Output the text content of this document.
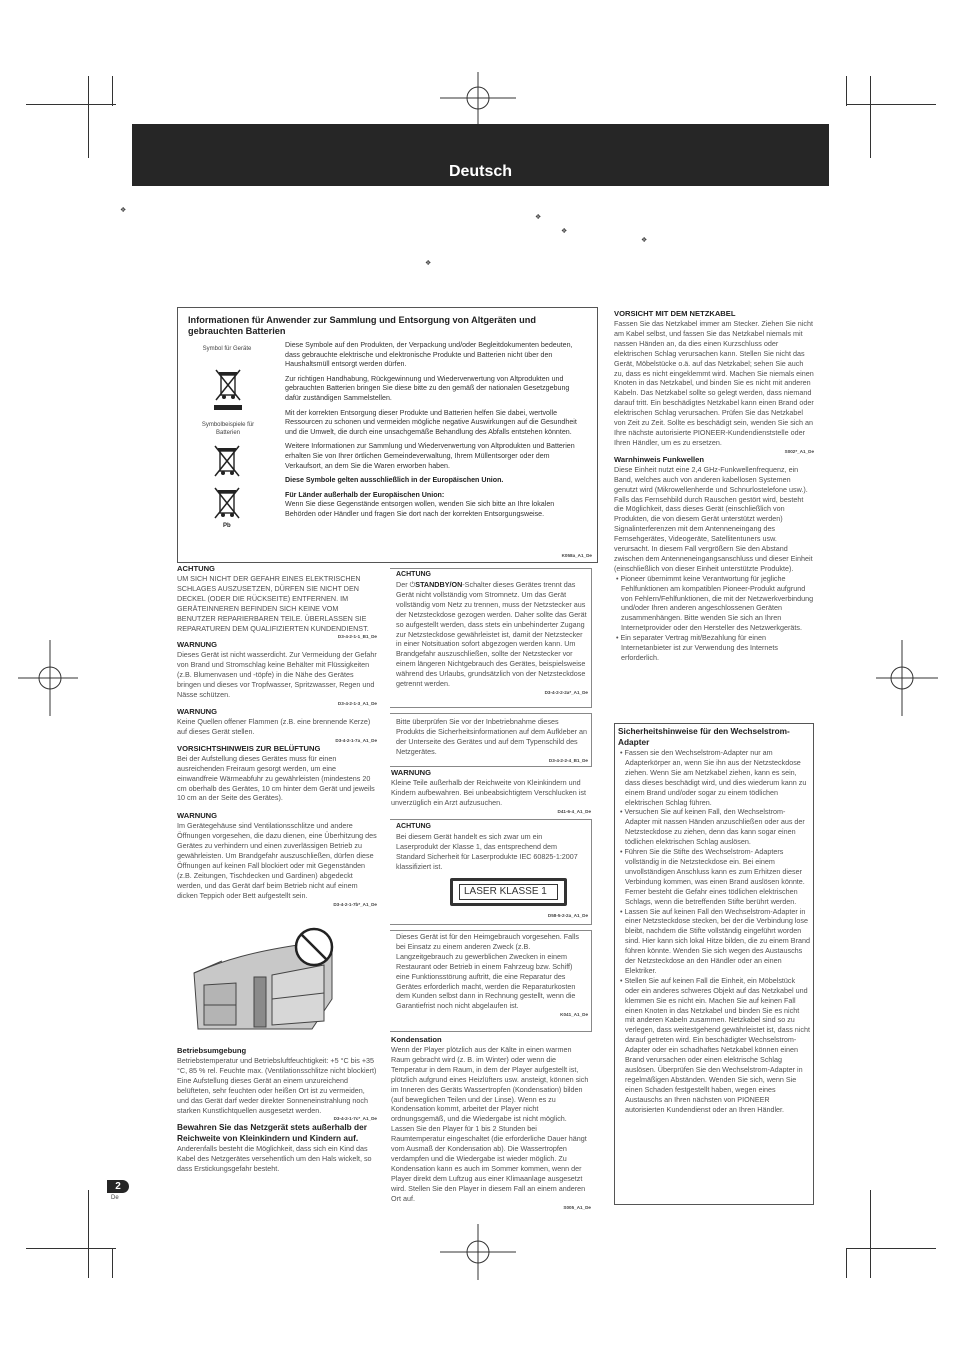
Deutsch
❖
❖
❖
❖
❖
Informationen für Anwender zur Sammlung und Entsorgung von Altgeräten und gebrauchten Batterien
Symbol für Geräte
Symbolbeispiele für Batterien
Pb

Diese Symbole auf den Produkten, der Verpackung und/oder Begleitdokumenten bedeuten, dass gebrauchte elektrische und elektronische Produkte und Batterien nicht über den Haushaltsmüll entsorgt werden dürfen.

Zur richtigen Handhabung, Rückgewinnung und Wiederverwertung von Altprodukten und gebrauchten Batterien bringen Sie diese bitte zu den gemäß der nationalen Gesetzgebung dafür zuständigen Sammelstellen.

Mit der korrekten Entsorgung dieser Produkte und Batterien helfen Sie dabei, wertvolle Ressourcen zu schonen und vermeiden mögliche negative Auswirkungen auf die Gesundheit und die Umwelt, die durch eine unsachgemäße Behandlung des Abfalls entstehen könnten.

Weitere Informationen zur Sammlung und Wiederverwertung von Altprodukten und Batterien erhalten Sie von Ihrer örtlichen Gemeindeverwaltung, Ihrem Müllentsorger oder dem Verkaufsort, an dem Sie die Waren erworben haben.

Diese Symbole gelten ausschließlich in der Europäischen Union.

Für Länder außerhalb der Europäischen Union:

Wenn Sie diese Gegenstände entsorgen wollen, wenden Sie sich bitte an Ihre lokalen Behörden oder Händler und fragen Sie dort nach der korrekten Entsorgungsweise.

K058a_A1_De

ACHTUNG

UM SICH NICHT DER GEFAHR EINES ELEKTRISCHEN SCHLAGES AUSZUSETZEN, DÜRFEN SIE NICHT DEN DECKEL (ODER DIE RÜCKSEITE) ENTFERNEN. IM GERÄTEINNEREN BEFINDEN SICH KEINE VOM BENUTZER REPARIERBAREN TEILE. ÜBERLASSEN SIE REPARATUREN DEM QUALIFIZIERTEN KUNDENDIENST.

D3-4-2-1-1_B1_De

WARNUNG

Dieses Gerät ist nicht wasserdicht. Zur Vermeidung der Gefahr von Brand und Stromschlag keine Behälter mit Flüssigkeiten (z.B. Blumenvasen und -töpfe) in die Nähe des Gerätes bringen und dieses vor Tropfwasser, Spritzwasser, Regen und Nässe schützen.

D3-4-2-1-3_A1_De

WARNUNG

Keine Quellen offener Flammen (z.B. eine brennende Kerze) auf dieses Gerät stellen.

D3-4-2-1-7a_A1_De

VORSICHTSHINWEIS ZUR BELÜFTUNG

Bei der Aufstellung dieses Gerätes muss für einen ausreichenden Freiraum gesorgt werden, um eine einwandfreie Wärmeabfuhr zu gewährleisten (mindestens 20 cm oberhalb des Gerätes, 10 cm hinter dem Gerät und jeweils 10 cm an der Seite des Gerätes).

WARNUNG

Im Gerätegehäuse sind Ventilationsschlitze und andere Öffnungen vorgesehen, die dazu dienen, eine Überhitzung des Gerätes zu verhindern und einen zuverlässigen Betrieb zu gewährleisten. Um Brandgefahr auszuschließen, dürfen diese Öffnungen auf keinen Fall blockiert oder mit Gegenständen (z.B. Zeitungen, Tischdecken und Gardinen) abgedeckt werden, und das Gerät darf beim Betrieb nicht auf einem dicken Teppich oder Bett aufgestellt sein.

D3-4-2-1-7b*_A1_De

Betriebsumgebung

Betriebstemperatur und Betriebsluftfeuchtigkeit: +5 °C bis +35 °C, 85 % rel. Feuchte max. (Ventilationsschlitze nicht blockiert) Eine Aufstellung dieses Gerät an einem unzureichend belüfteten, sehr feuchten oder heißen Ort ist zu vermeiden, und das Gerät darf weder direkter Sonneneinstrahlung noch starken Kunstlichtquellen ausgesetzt werden.

D3-4-2-1-7c*_A1_De

Bewahren Sie das Netzgerät stets außerhalb der Reichweite von Kleinkindern und Kindern auf.

Anderenfalls besteht die Möglichkeit, dass sich ein Kind das Kabel des Netzgerätes versehentlich um den Hals wickelt, so dass Erstickungsgefahr besteht.

ACHTUNG

Der ⏻STANDBY/ON-Schalter dieses Gerätes trennt das Gerät nicht vollständig vom Stromnetz. Um das Gerät vollständig vom Netz zu trennen, muss der Netzstecker aus der Netzsteckdose gezogen werden. Daher sollte das Gerät so aufgestellt werden, dass stets ein unbehinderter Zugang zur Netzsteckdose gewährleistet ist, damit der Netzstecker in einer Notsituation sofort abgezogen werden kann. Um Brandgefahr auszuschließen, sollte der Netzstecker vor einem längeren Nichtgebrauch des Gerätes, beispielsweise während des Urlaubs, grundsätzlich von der Netzsteckdose getrennt werden.

D3-4-2-2-2a*_A1_De

Bitte überprüfen Sie vor der Inbetriebnahme dieses Produkts die Sicherheitsinformationen auf dem Aufkleber an der Unterseite des Gerätes und auf dem Typenschild des Netzgerätes.

D3-4-2-2-4_B1_De

WARNUNG

Kleine Teile außerhalb der Reichweite von Kleinkindern und Kindern aufbewahren. Bei unbeabsichtigtem Verschlucken ist unverzüglich ein Arzt aufzusuchen.

D41-6-4_A1_De

ACHTUNG

Bei diesem Gerät handelt es sich zwar um ein Laserprodukt der Klasse 1, das entsprechend dem Standard Sicherheit für Laserprodukte IEC 60825-1:2007 klassifiziert ist.

LASER KLASSE 1
D58-5-2-2a_A1_De

Dieses Gerät ist für den Heimgebrauch vorgesehen. Falls bei Einsatz zu einem anderen Zweck (z.B. Langzeitgebrauch zu gewerblichen Zwecken in einem Restaurant oder Betrieb in einem Fahrzeug bzw. Schiff) eine Funktionsstörung auftritt, die eine Reparatur des Gerätes erforderlich macht, werden die Reparaturkosten dem Kunden selbst dann in Rechnung gestellt, wenn die Garantiefrist noch nicht abgelaufen ist.

K041_A1_De

Kondensation

Wenn der Player plötzlich aus der Kälte in einen warmen Raum gebracht wird (z. B. im Winter) oder wenn die Temperatur in dem Raum, in dem der Player aufgestellt ist, plötzlich aufgrund eines Heizlüfters usw. ansteigt, können sich im Inneren des Geräts Wassertropfen (Kondensation) bilden (auf beweglichen Teilen und der Linse). Wenn es zu Kondensation kommt, arbeitet der Player nicht ordnungsgemäß, und die Wiedergabe ist nicht möglich. Lassen Sie den Player für 1 bis 2 Stunden bei Raumtemperatur eingeschaltet (die erforderliche Dauer hängt vom Ausmaß der Kondensation ab). Die Wassertropfen verdampfen und die Wiedergabe ist wieder möglich. Zu Kondensation kann es auch im Sommer kommen, wenn der Player direkt dem Luftzug aus einer Klimaanlage ausgesetzt wird. Stellen Sie den Player in diesem Fall an einem anderen Ort auf.

S005_A1_De

VORSICHT MIT DEM NETZKABEL

Fassen Sie das Netzkabel immer am Stecker. Ziehen Sie nicht am Kabel selbst, und fassen Sie das Netzkabel niemals mit nassen Händen an, da dies einen Kurzschluss oder elektrischen Schlag verursachen kann. Stellen Sie nicht das Gerät, Möbelstücke o.ä. auf das Netzkabel; sehen Sie auch zu, dass es nicht eingeklemmt wird. Machen Sie niemals einen Knoten in das Netzkabel, und binden Sie es nicht mit anderen Kabeln. Das Netzkabel sollte so gelegt werden, dass niemand darauf tritt. Ein beschädigtes Netzkabel kann einen Brand oder elektrischen Schlag verursachen. Prüfen Sie das Netzkabel von Zeit zu Zeit. Sollte es beschädigt sein, wenden Sie sich an Ihre nächste autorisierte PIONEER-Kundendienststelle oder Ihren Händler, um es zu ersetzen.

S002*_A1_De

Warnhinweis Funkwellen

Diese Einheit nutzt eine 2,4 GHz-Funkwellenfrequenz, ein Band, welches auch von anderen kabellosen Systemen genutzt wird (Mikrowellenherde und Schnurlostelefone usw.). Falls das Fernsehbild durch Rauschen gestört wird, besteht die Möglichkeit, dass dieses Gerät (einschließlich von Produkten, die von diesem Gerät unterstützt werden) Signalinterferenzen mit dem Antenneneingang des Fernsehgerätes, Videogeräte, Satellitentuners usw. verursacht. In diesem Fall vergrößern Sie den Abstand zwischen dem Antenneneingangsanschluss und dieser Einheit (einschließlich von dieser Einheit unterstützte Produkte).

• Pioneer übernimmt keine Verantwortung für jegliche Fehlfunktionen am kompatiblen Pioneer-Produkt aufgrund von Fehlern/Fehlfunktionen, die mit der Netzwerkverbindung und/oder Ihren anderen angeschlossenen Geräten zusammenhängen. Bitte wenden Sie sich an Ihren Internetprovider oder den Hersteller des Netzwerkgeräts.

• Ein separater Vertrag mit/Bezahlung für einen Internetanbieter ist zur Verwendung des Internets erforderlich.

Sicherheitshinweise für den Wechselstrom-Adapter

• Fassen sie den Wechselstrom-Adapter nur am Adapterkörper an, wenn Sie ihn aus der Netzsteckdose ziehen. Wenn Sie am Netzkabel ziehen, kann es sein, dass dieses beschädigt wird, und dies wiederum kann zu einem Brand und/oder sogar zu einem tödlichen elektrischen Schlag führen.

• Versuchen Sie auf keinen Fall, den Wechselstrom-Adapter mit nassen Händen anzuschließen oder aus der Netzsteckdose zu ziehen, denn das kann sogar einen tödlichen elektrischen Schlag auslösen.

• Führen Sie die Stifte des Wechselstrom- Adapters vollständig in die Netzsteckdose ein. Bei einem unvollständigen Anschluss kann es zum Erhitzen dieser Verbindung kommen, was einen Brand auslösen könnte. Ferner besteht die Gefahr eines tödlichen elektrischen Schlags, wenn die betreffenden Stifte berührt werden.

• Lassen Sie auf keinen Fall den Wechselstrom-Adapter in einer Netzsteckdose stecken, bei der die Verbindung lose bleibt, nachdem die Stifte vollständig eingeführt worden sind. Hier kann sich lokal Hitze bilden, die zu einem Brand führen könnte. Wenden Sie sich wegen des Austauschs der Netzsteckdose an den Händler oder an einen Elektriker.

• Stellen Sie auf keinen Fall die Einheit, ein Möbelstück oder ein anderes schweres Objekt auf das Netzkabel und klemmen Sie es nicht ein. Machen Sie auf keinen Fall einen Knoten in das Netzkabel und binden Sie es nicht mit anderen Kabeln zusammen. Netzkabel sind so zu verlegen, dass weitestgehend gewährleistet ist, dass nicht darauf getreten wird. Ein beschädigter Wechselstrom-Adapter oder ein schadhaftes Netzkabel können einen Brand verursachen oder einen elektrische Schlag auslösen. Überprüfen Sie den Wechselstrom-Adapter in regelmäßigen Abständen. Wenden Sie sich, wenn Sie einen Schaden festgestellt haben, wegen eines Austauschs an Ihren nächsten von PIONEER autorisierten Kundendienst oder an Ihren Händler.

2
De
